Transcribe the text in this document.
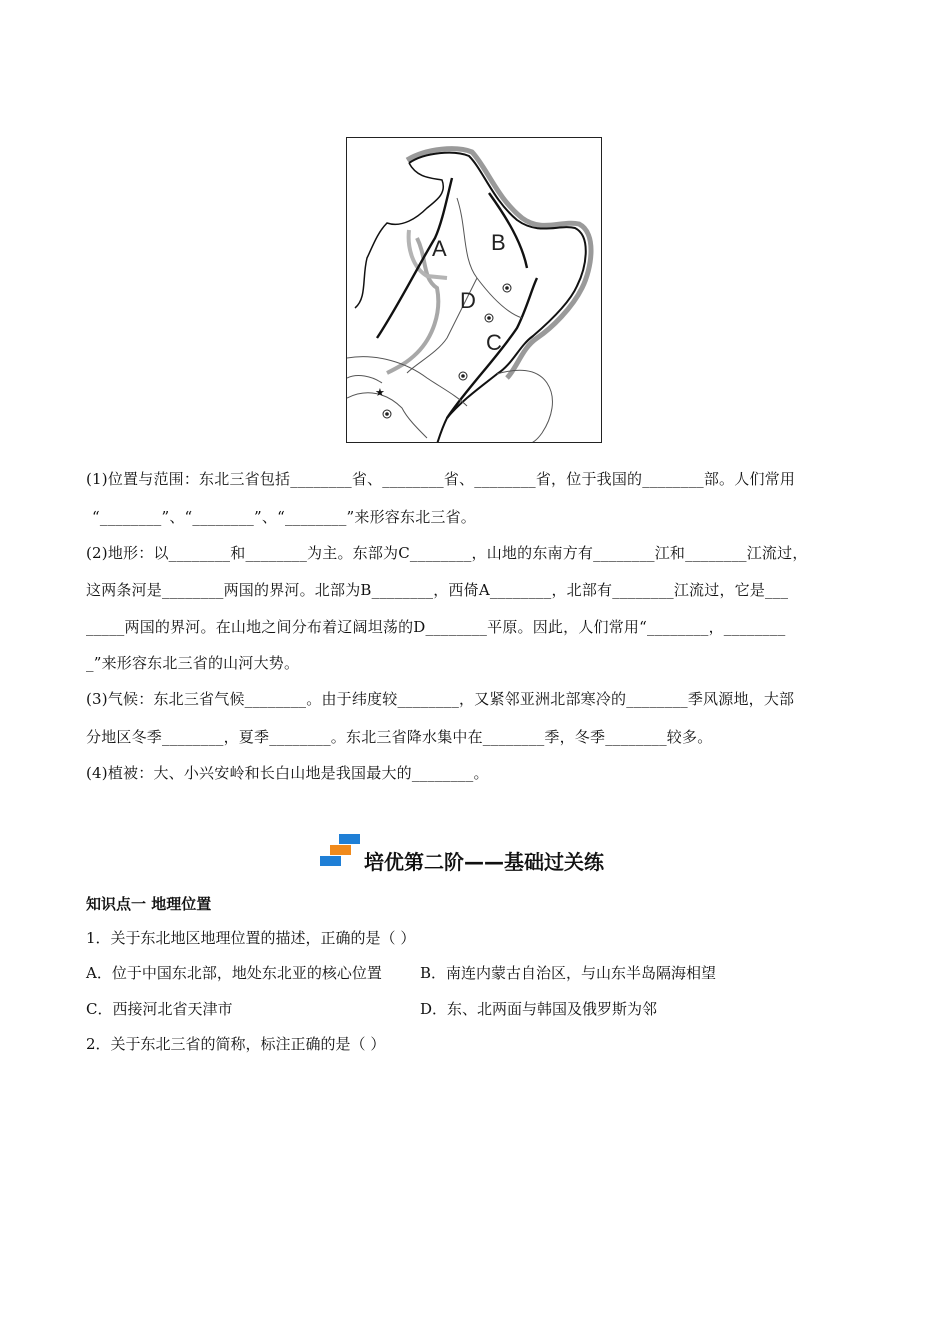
★
A B
D
C
(1)位置与范围：东北三省包括________省、________省、________省，位于我国的________部。人们常用
“________”、“________”、“________”来形容东北三省。
(2)地形：以________和________为主。东部为C________，山地的东南方有________江和________江流过，
这两条河是________两国的界河。北部为B________，西倚A________，北部有________江流过，它是___
_____两国的界河。在山地之间分布着辽阔坦荡的D________平原。因此，人们常用“________，________
_”来形容东北三省的山河大势。
(3)气候：东北三省气候________。由于纬度较________，又紧邻亚洲北部寒冷的________季风源地，大部
分地区冬季________，夏季________。东北三省降水集中在________季，冬季________较多。
(4)植被：大、小兴安岭和长白山地是我国最大的________。
培优第二阶——基础过关练
知识点一 地理位置
1．关于东北地区地理位置的描述，正确的是（ ）
A．位于中国东北部，地处东北亚的核心位置	B．南连内蒙古自治区，与山东半岛隔海相望
C．西接河北省天津市	D．东、北两面与韩国及俄罗斯为邻
2．关于东北三省的简称，标注正确的是（ ）
